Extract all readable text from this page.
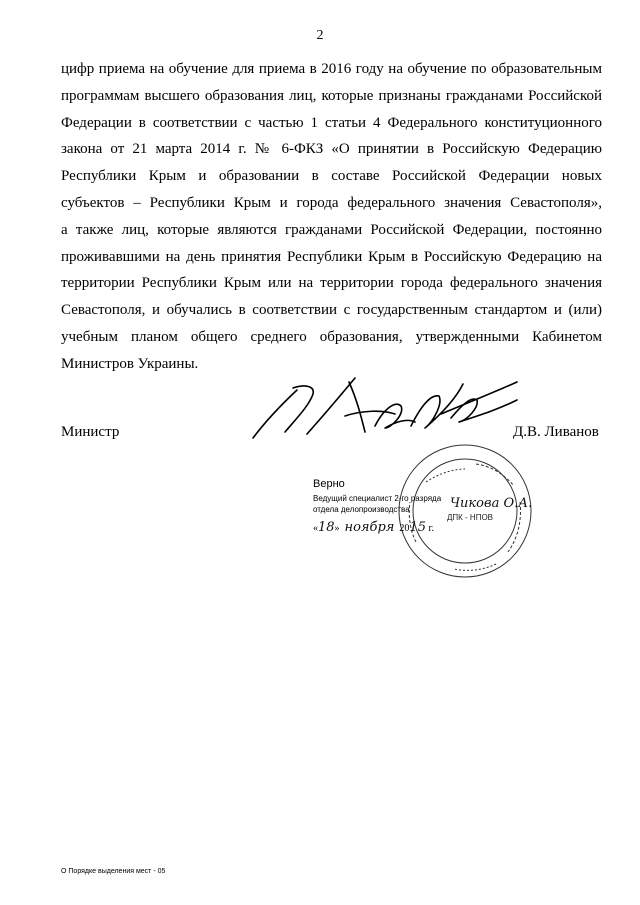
2
цифр приема на обучение для приема в 2016 году на обучение по образовательным
программам высшего образования лиц, которые признаны гражданами Российской
Федерации в соответствии с частью 1 статьи 4 Федерального конституционного
закона от 21 марта 2014 г. № 6-ФКЗ «О принятии в Российскую Федерацию
Республики Крым и образовании в составе Российской Федерации новых
субъектов – Республики Крым и города федерального значения Севастополя»,
а также лиц, которые являются гражданами Российской Федерации, постоянно
проживавшими на день принятия Республики Крым в Российскую Федерацию на
территории Республики Крым или на территории города федерального значения
Севастополя, и обучались в соответствии с государственным стандартом и (или)
учебным планом общего среднего образования, утвержденными Кабинетом
Министров Украины.
Министр	Д.В. Ливанов
Верно
Ведущий специалист 2-го разряда
отдела делопроизводства
«18» ноября 2015 г.
Чикова О.А.
ДПК - НПОВ
О Порядке выделения мест - 05
